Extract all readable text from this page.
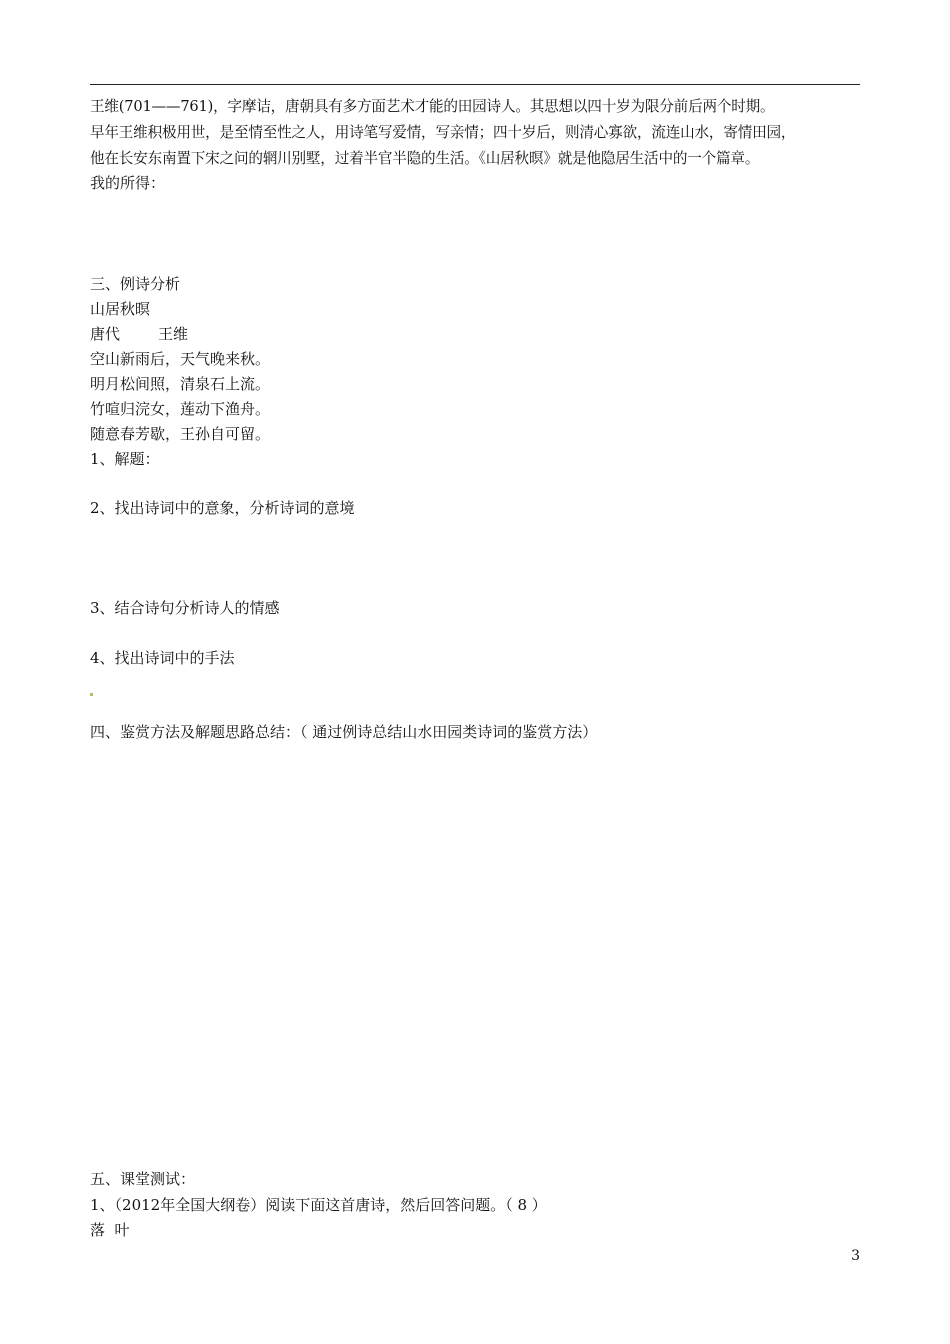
王维(701——761)，字摩诘，唐朝具有多方面艺术才能的田园诗人。其思想以四十岁为限分前后两个时期。
早年王维积极用世，是至情至性之人，用诗笔写爱情，写亲情；四十岁后，则清心寡欲，流连山水，寄情田园，
他在长安东南置下宋之问的辋川别墅，过着半官半隐的生活。《山居秋暝》就是他隐居生活中的一个篇章。
我的所得：
三、例诗分析
山居秋暝
唐代	王维
空山新雨后，天气晚来秋。
明月松间照，清泉石上流。
竹喧归浣女，莲动下渔舟。
随意春芳歇，王孙自可留。
1、解题：
2、找出诗词中的意象，分析诗词的意境
3、结合诗句分析诗人的情感
4、找出诗词中的手法
四、鉴赏方法及解题思路总结：（ 通过例诗总结山水田园类诗词的鉴赏方法）
五、课堂测试：
1、（2012年全国大纲卷）阅读下面这首唐诗，然后回答问题。（ 8 ）
落  叶
3
